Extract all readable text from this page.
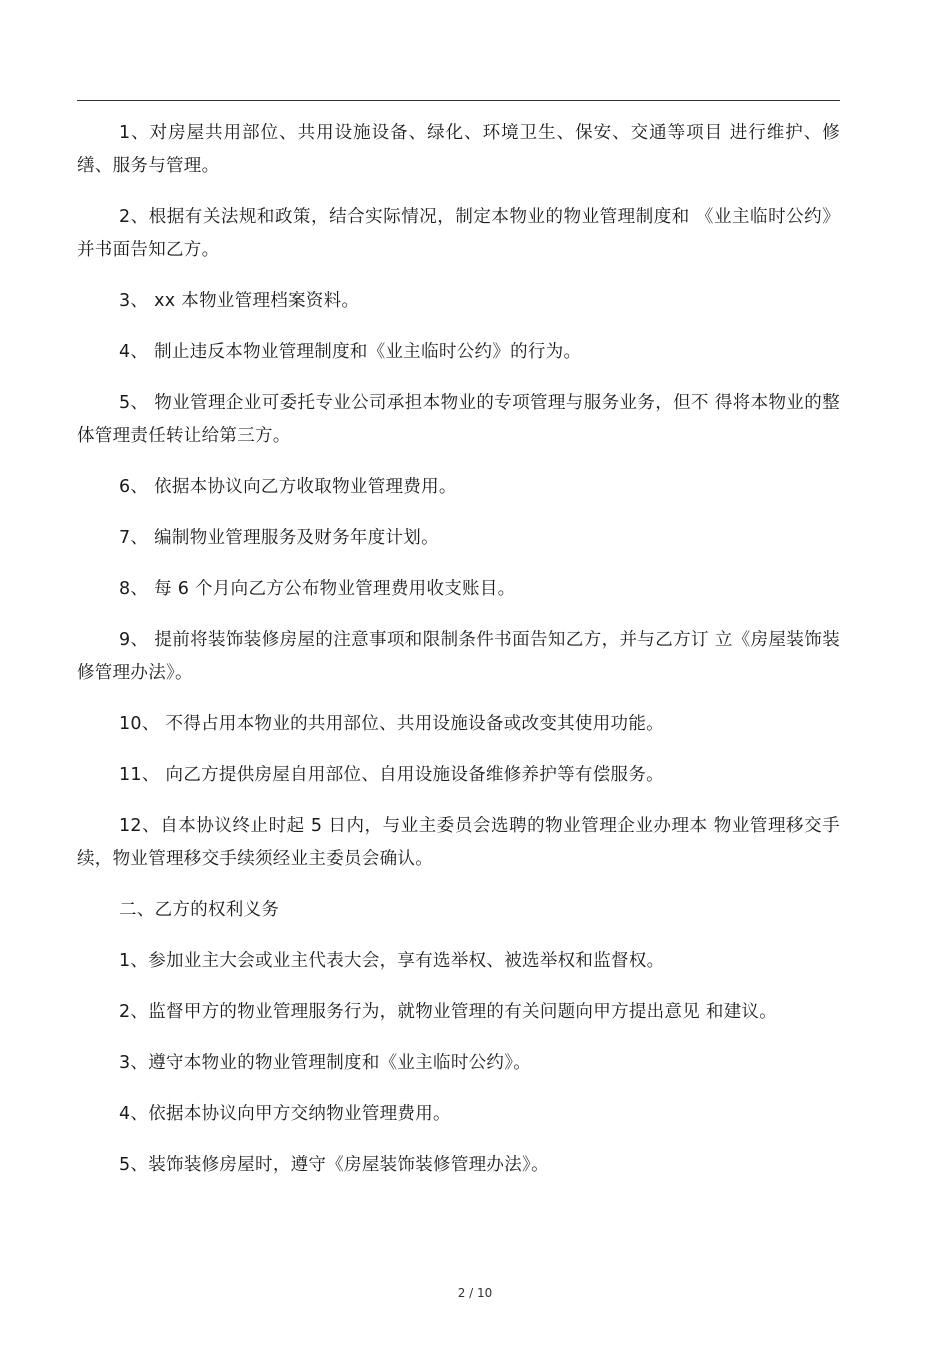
1、对房屋共用部位、共用设施设备、绿化、环境卫生、保安、交通等项目 进行维护、修缮、服务与管理。

2、根据有关法规和政策，结合实际情况，制定本物业的物业管理制度和 《业主临时公约》并书面告知乙方。

3、 xx 本物业管理档案资料。

4、 制止违反本物业管理制度和《业主临时公约》的行为。

5、 物业管理企业可委托专业公司承担本物业的专项管理与服务业务，但不 得将本物业的整体管理责任转让给第三方。

6、 依据本协议向乙方收取物业管理费用。

7、 编制物业管理服务及财务年度计划。

8、 每 6 个月向乙方公布物业管理费用收支账目。

9、 提前将装饰装修房屋的注意事项和限制条件书面告知乙方，并与乙方订 立《房屋装饰装修管理办法》。

10、 不得占用本物业的共用部位、共用设施设备或改变其使用功能。

11、 向乙方提供房屋自用部位、自用设施设备维修养护等有偿服务。

12、自本协议终止时起 5 日内，与业主委员会选聘的物业管理企业办理本 物业管理移交手续，物业管理移交手续须经业主委员会确认。

二、乙方的权利义务

1、参加业主大会或业主代表大会，享有选举权、被选举权和监督权。

2、监督甲方的物业管理服务行为，就物业管理的有关问题向甲方提出意见 和建议。

3、遵守本物业的物业管理制度和《业主临时公约》。

4、依据本协议向甲方交纳物业管理费用。

5、装饰装修房屋时，遵守《房屋装饰装修管理办法》。

2 / 10
